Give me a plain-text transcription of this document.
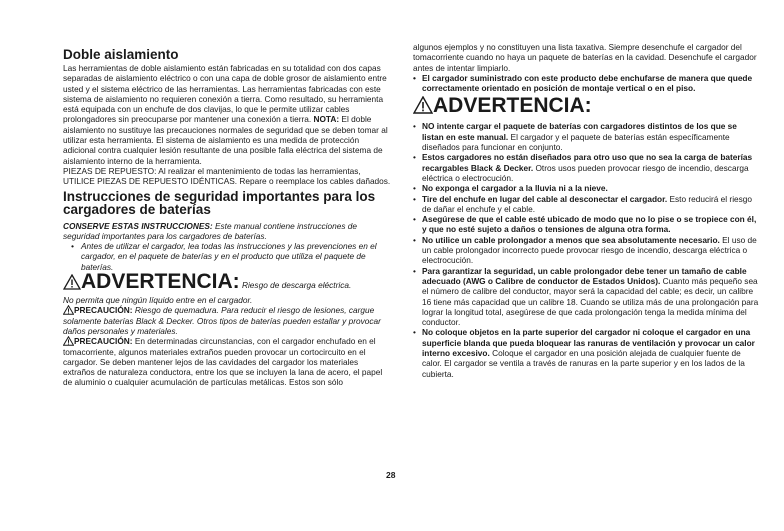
Doble aislamiento

Las herramientas de doble aislamiento están fabricadas en su totalidad con dos capas separadas de aislamiento eléctrico o con una capa de doble grosor de aislamiento entre usted y el sistema eléctrico de las herramientas. Las herramientas fabricadas con este sistema de aislamiento no requieren conexión a tierra. Como resultado, su herramienta está equipada con un enchufe de dos clavijas, lo que le permite utilizar cables prolongadores sin preocuparse por mantener una conexión a tierra. NOTA: El doble aislamiento no sustituye las precauciones normales de seguridad que se deben tomar al utilizar esta herramienta. El sistema de aislamiento es una medida de protección adicional contra cualquier lesión resultante de una posible falla eléctrica del sistema de aislamiento interno de la herramienta.

PIEZAS DE REPUESTO: Al realizar el mantenimiento de todas las herramientas, UTILICE PIEZAS DE REPUESTO IDÉNTICAS. Repare o reemplace los cables dañados.

Instrucciones de seguridad importantes para los cargadores de baterías

CONSERVE ESTAS INSTRUCCIONES: Este manual contiene instrucciones de seguridad importantes para los cargadores de baterías.

• Antes de utilizar el cargador, lea todas las instrucciones y las prevenciones en el cargador, en el paquete de baterías y en el producto que utiliza el paquete de baterías.

ADVERTENCIA: Riesgo de descarga eléctrica.

No permita que ningún líquido entre en el cargador.

PRECAUCIÓN: Riesgo de quemadura. Para reducir el riesgo de lesiones, cargue solamente baterías Black & Decker. Otros tipos de baterías pueden estallar y provocar daños personales y materiales.

PRECAUCIÓN: En determinadas circunstancias, con el cargador enchufado en el tomacorriente, algunos materiales extraños pueden provocar un cortocircuito en el cargador. Se deben mantener lejos de las cavidades del cargador los materiales extraños de naturaleza conductora, entre los que se incluyen la lana de acero, el papel de aluminio o cualquier acumulación de partículas metálicas. Estos son sólo

algunos ejemplos y no constituyen una lista taxativa. Siempre desenchufe el cargador del tomacorriente cuando no haya un paquete de baterías en la cavidad. Desenchufe el cargador antes de intentar limpiarlo.

• El cargador suministrado con este producto debe enchufarse de manera que quede correctamente orientado en posición de montaje vertical o en el piso.

ADVERTENCIA:

• NO intente cargar el paquete de baterías con cargadores distintos de los que se listan en este manual. El cargador y el paquete de baterías están específicamente diseñados para funcionar en conjunto.

• Estos cargadores no están diseñados para otro uso que no sea la carga de baterías recargables Black & Decker. Otros usos pueden provocar riesgo de incendio, descarga eléctrica o electrocución.

• No exponga el cargador a la lluvia ni a la nieve.

• Tire del enchufe en lugar del cable al desconectar el cargador. Esto reducirá el riesgo de dañar el enchufe y el cable.

• Asegúrese de que el cable esté ubicado de modo que no lo pise o se tropiece con él, y que no esté sujeto a daños o tensiones de alguna otra forma.

• No utilice un cable prolongador a menos que sea absolutamente necesario. El uso de un cable prolongador incorrecto puede provocar riesgo de incendio, descarga eléctrica o electrocución.

• Para garantizar la seguridad, un cable prolongador debe tener un tamaño de cable adecuado (AWG o Calibre de conductor de Estados Unidos). Cuanto más pequeño sea el número de calibre del conductor, mayor será la capacidad del cable; es decir, un calibre 16 tiene más capacidad que un calibre 18. Cuando se utiliza más de una prolongación para lograr la longitud total, asegúrese de que cada prolongación tenga la medida mínima del conductor.

• No coloque objetos en la parte superior del cargador ni coloque el cargador en una superficie blanda que pueda bloquear las ranuras de ventilación y provocar un calor interno excesivo. Coloque el cargador en una posición alejada de cualquier fuente de calor. El cargador se ventila a través de ranuras en la parte superior y en los lados de la cubierta.

28
